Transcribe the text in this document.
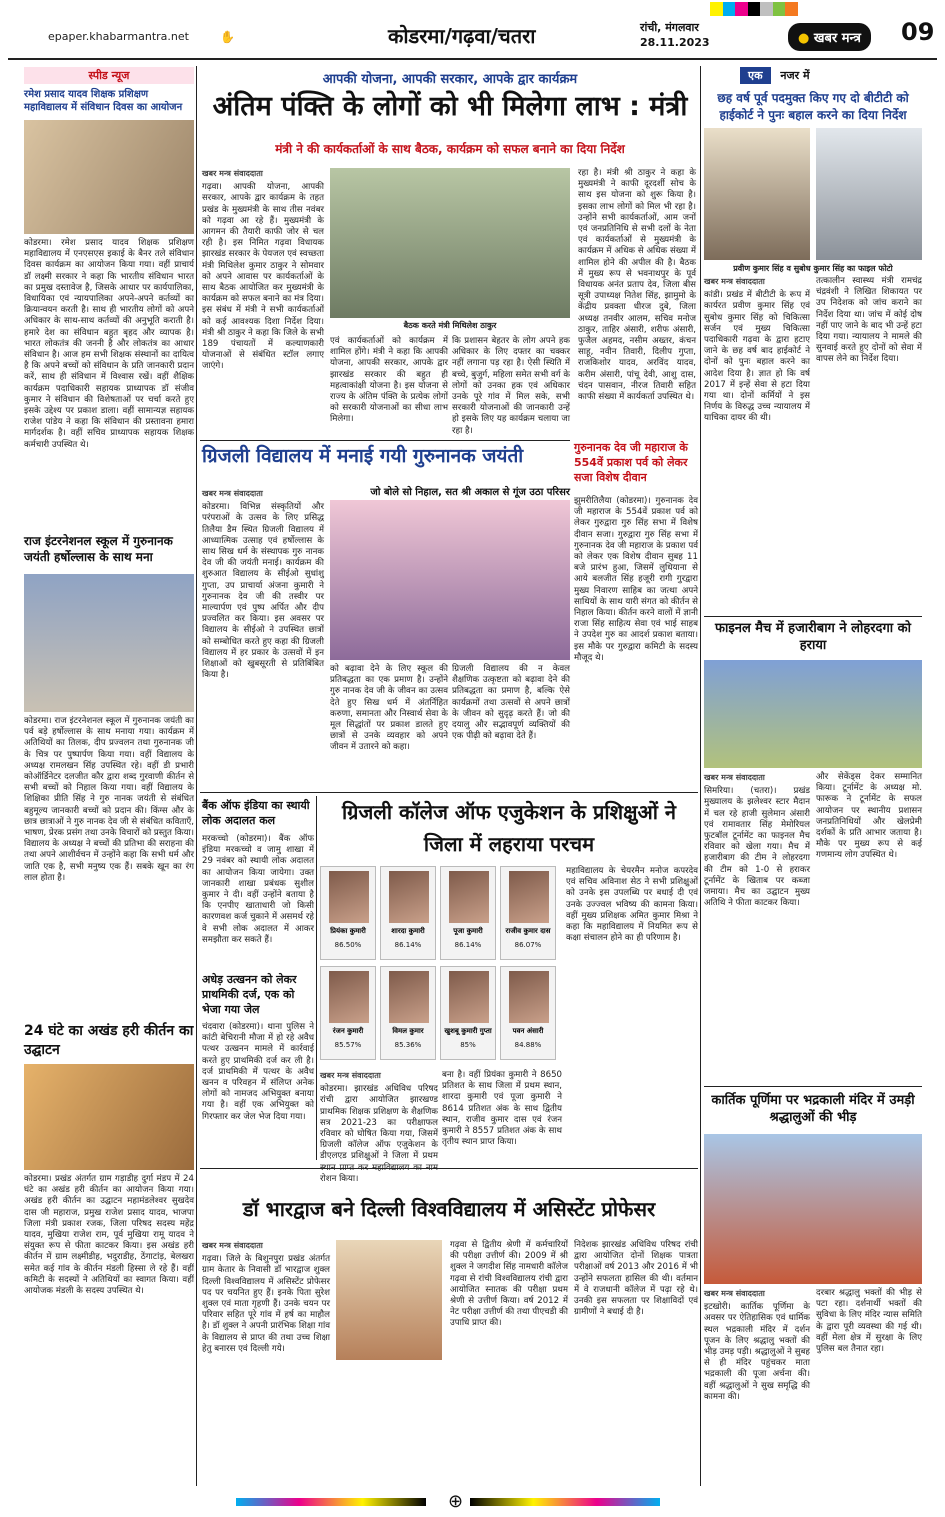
epaper.khabarmantra.net	✋	कोडरमा/गढ़वा/चतरा	रांची, मंगलवार
28.11.2023	● खबर मन्त्र	09
स्पीड न्यूज
रमेश प्रसाद यादव शिक्षक प्रशिक्षण महाविद्यालय में संविधान दिवस का आयोजन
कोडरमा। रमेश प्रसाद यादव शिक्षक प्रशिक्षण महाविद्यालय में एनएसएस इकाई के बैनर तले संविधान दिवस कार्यक्रम का आयोजन किया गया। वहीं प्राचार्य डॉ लक्ष्मी सरकार ने कहा कि भारतीय संविधान भारत का प्रमुख दस्तावेज है, जिसके आधार पर कार्यपालिका, विधायिका एवं न्यायपालिका अपने-अपने कर्तव्यों का क्रियान्वयन करती है। साथ ही भारतीय लोगों को अपने अधिकार के साथ-साथ कर्तव्यों की अनुभूति कराती है। हमारे देश का संविधान बहुत बृहद और व्यापक है। भारत लोकतंत्र की जननी है और लोकतंत्र का आधार संविधान है। आज हम सभी शिक्षक संस्थानों का दायित्व है कि अपने बच्चों को संविधान के प्रति जानकारी प्रदान करें, साथ ही संविधान में विश्वास रखें। वहीं शैक्षिक कार्यक्रम पदाधिकारी सहायक प्राध्यापक डॉ संजीव कुमार ने संविधान की विशेषताओं पर चर्चा करते हुए इसके उद्देश्य पर प्रकाश डाला। वहीं सामान्यज्ञ सहायक राजेश पांडेय ने कहा कि संविधान की प्रस्तावना हमारा मार्गदर्शक है। वहीं सचिव प्राध्यापक सहायक शिक्षक कर्मचारी उपस्थित थे।
राज इंटरनेशनल स्कूल में गुरुनानक जयंती हर्षोल्लास के साथ मना
कोडरमा। राज इंटरनेशनल स्कूल में गुरुनानक जयंती का पर्व बड़े हर्षोल्लास के साथ मनाया गया। कार्यक्रम में अतिथियों का तिलक, दीप प्रज्वलन तथा गुरुनानक जी के चित्र पर पुष्पार्पण किया गया। वहीं विद्यालय के अध्यक्ष रामलखन सिंह उपस्थित रहे। वहीं डी प्रभारी कोऑर्डिनेटर दलजीत कौर द्वारा शब्द गुरवाणी कीर्तन से सभी बच्चों को निहाल किया गया। वहीं विद्यालय के शिक्षिका प्रीति सिंह ने गुरु नानक जयंती से संबंधित बहुमूल्य जानकारी बच्चों को प्रदान की। किंग्स और के छात्र छात्राओं ने गुरु नानक देव जी से संबंधित कविताएँ, भाषण, प्रेरक प्रसंग तथा उनके विचारों को प्रस्तुत किया। विद्यालय के अध्यक्ष ने बच्चों की प्रतिभा की सराहना की तथा अपने आशीर्वचन में उन्होंने कहा कि सभी धर्म और जाति एक है, सभी मनुष्य एक हैं। सबके खून का रंग लाल होता है।
24 घंटे का अखंड हरी कीर्तन का उद्घाटन
कोडरमा। प्रखंड अंतर्गत ग्राम गड़ाडीह दुर्गा मंडप में 24 घंटे का अखंड हरी कीर्तन का आयोजन किया गया। अखंड हरी कीर्तन का उद्घाटन महामंडलेश्वर सुखदेव दास जी महाराज, प्रमुख राजेश प्रसाद यादव, भाजपा जिला मंत्री प्रकाश रजक, जिला परिषद सदस्य महेंद्र यादव, मुखिया राजेश राम, पूर्व मुखिया रामू यादव ने संयुक्त रूप से फीता काटकर किया। इस अखंड हरी कीर्तन में ग्राम लक्ष्मीडीह, भदुराडीह, ठेंगाटांड़, बेलखरा समेत कई गांव के कीर्तन मंडली हिस्सा ले रहे हैं। वहीं कमिटी के सदस्यों ने अतिथियों का स्वागत किया। वहीं आयोजक मंडली के सदस्य उपस्थित थे।
आपकी योजना, आपकी सरकार, आपके द्वार कार्यक्रम
अंतिम पंक्ति के लोगों को भी मिलेगा लाभ : मंत्री
मंत्री ने की कार्यकर्ताओं के साथ बैठक, कार्यक्रम को सफल बनाने का दिया निर्देश
खबर मन्त्र संवाददाता
गढ़वा। आपकी योजना, आपकी सरकार, आपके द्वार कार्यक्रम के तहत प्रखंड के मुख्यमंत्री के साथ तीस नवंबर को गढ़वा आ रहे हैं। मुख्यमंत्री के आगमन की तैयारी काफी जोर से चल रही है। इस निमित गढ़वा विधायक झारखंड सरकार के पेयजल एवं स्वच्छता मंत्री मिथिलेश कुमार ठाकुर ने सोमवार को अपने आवास पर कार्यकर्ताओं के साथ बैठक आयोजित कर मुख्यमंत्री के कार्यक्रम को सफल बनाने का मंत्र दिया। इस संबंध में मंत्री ने सभी कार्यकर्ताओं को कई आवश्यक दिशा निर्देश दिया। मंत्री श्री ठाकुर ने कहा कि जिले के सभी 189 पंचायतों में कल्याणकारी योजनाओं से संबंधित स्टॉल लगाए जाएंगे।
बैठक करते मंत्री मिथिलेश ठाकुर
एवं कार्यकर्ताओं को कार्यक्रम में शामिल होंगे। मंत्री ने कहा कि आपकी योजना, आपकी सरकार, आपके द्वार झारखंड सरकार की बहुत ही महत्वाकांक्षी योजना है। इस योजना से राज्य के अंतिम पंक्ति के प्रत्येक लोगों को सरकारी योजनाओं का सीधा लाभ मिलेगा।
कि प्रशासन बेहतर के लोग अपने हक अधिकार के लिए दफ्तर का चक्कर नहीं लगाना पड़ रहा है। ऐसी स्थिति में बच्चे, बुजुर्ग, महिला समेत सभी वर्ग के लोगों को उनका हक एवं अधिकार उनके पूरे गांव में मिल सके, सभी सरकारी योजनाओं की जानकारी उन्हें हो इसके लिए यह कार्यक्रम चलाया जा रहा है।
रहा है। मंत्री श्री ठाकुर ने कहा के मुख्यमंत्री ने काफी दूरदर्शी सोच के साथ इस योजना को शुरू किया है। इसका लाभ लोगों को मिल भी रहा है। उन्होंने सभी कार्यकर्ताओं, आम जनों एवं जनप्रतिनिधि से सभी दलों के नेता एवं कार्यकर्ताओं से मुख्यमंत्री के कार्यक्रम में अधिक से अधिक संख्या में शामिल होने की अपील की है। बैठक में मुख्य रूप से भवनाथपुर के पूर्व विधायक अनंत प्रताप देव, जिला बीस सूत्री उपाध्यक्ष नितेश सिंह, झामुमो के केंद्रीय प्रवक्ता धीरज दुबे, जिला अध्यक्ष तनवीर आलम, सचिव मनोज ठाकुर, ताहिर अंसारी, शरीफ अंसारी, फुजैल अहमद, नसीम अख्तर, कंचन साहू, नवीन तिवारी, दिलीप गुप्ता, राजकिशोर यादव, अरविंद यादव, करीम अंसारी, पांचू देवी, आशु दास, चंदन पासवान, नीरज तिवारी सहित काफी संख्या में कार्यकर्ता उपस्थित थे।
ग्रिजली विद्यालय में मनाई गयी गुरुनानक जयंती
जो बोले सो निहाल, सत श्री अकाल से गूंज उठा परिसर
खबर मन्त्र संवाददाता
कोडरमा। विभिन्न संस्कृतियों और परंपराओं के उत्सव के लिए प्रसिद्ध तिलैया डैम स्थित ग्रिजली विद्यालय में आध्यात्मिक उत्साह एवं हर्षोल्लास के साथ सिख धर्म के संस्थापक गुरु नानक देव जी की जयंती मनाई। कार्यक्रम की शुरुआत विद्यालय के सीईओ सुधांशु गुप्ता, उप प्राचार्या अंजना कुमारी ने गुरुनानक देव जी की तस्वीर पर माल्यार्पण एवं पुष्प अर्पित और दीप प्रज्वलित कर किया। इस अवसर पर विद्यालय के सीईओ ने उपस्थित छात्रों को सम्बोधित करते हुए कहा की ग्रिजली विद्यालय में हर प्रकार के उत्सवों में इन शिक्षाओं को खुबसूरती से प्रतिबिंबित किया है।
को बढ़ावा देने के लिए स्कूल की प्रतिबद्धता का एक प्रमाण है। उन्होंने गुरु नानक देव जी के जीवन का उत्सव देते हुए सिख धर्म में अंतर्निहित करुणा, समानता और निस्वार्थ सेवा के मूल सिद्धांतों पर प्रकाश डालते हुए छात्रों से उनके व्यवहार को अपने जीवन में उतारने को कहा।
ग्रिजली विद्यालय की न केवल शैक्षणिक उत्कृष्टता को बढ़ावा देने की प्रतिबद्धता का प्रमाण है, बल्कि ऐसे कार्यक्रमों तथा उत्सवों से अपने छात्रों के जीवन को सुदृढ़ करते हैं। जो की दयालु और सद्भावपूर्ण व्यक्तियों की एक पीढ़ी को बढ़ावा देते हैं।
गुरुनानक देव जी महाराज के 554वें प्रकाश पर्व को लेकर सजा विशेष दीवान
झुमरीतिलैया (कोडरमा)। गुरुनानक देव जी महाराज के 554वें प्रकाश पर्व को लेकर गुरुद्वारा गुरु सिंह सभा में विशेष दीवान सजा। गुरुद्वारा गुरु सिंह सभा में गुरुनानक देव जी महाराज के प्रकाश पर्व को लेकर एक विशेष दीवान सुबह 11 बजे प्रारंभ हुआ, जिसमें लुधियाना से आये बलजीत सिंह हजूरी रागी गुरद्वारा मुख्य निवारण साहिब का जत्था अपने साथियों के साथ यारी संगत को कीर्तन से निहाल किया। कीर्तन करने वालों में ज्ञानी राजा सिंह साहित्य सेवा एवं भाई साहब ने उपदेश गुरु का आदर्श प्रकाश बताया। इस मौके पर गुरुद्वारा कमिटी के सदस्य मौजूद थे।
बैंक ऑफ इंडिया का स्थायी लोक अदालत कल
मरकच्चो (कोडरमा)। बैंक ऑफ इंडिया मरकच्चो व जामु शाखा में 29 नवंबर को स्थायी लोक अदालत का आयोजन किया जायेगा। उक्त जानकारी शाखा प्रबंधक सुशील कुमार ने दी। वहीं उन्होंने बताया है कि एनपीए खाताधारी जो किसी कारणवश कर्ज चुकाने में असमर्थ रहे वे सभी लोक अदालत में आकर समझौता कर सकते हैं।
अधेड़ उत्खनन को लेकर प्राथमिकी दर्ज, एक को भेजा गया जेल
चंदवारा (कोडरमा)। थाना पुलिस ने कांटी बेचिरानी मौजा में हो रहे अवैध पत्थर उत्खनन मामले में कार्रवाई करते हुए प्राथमिकी दर्ज कर ली है। दर्ज प्राथमिकी में पत्थर के अवैध खनन व परिवहन में संलिप्त अनेक लोगों को नामजद अभियुक्त बनाया गया है। वहीं एक अभियुक्त को गिरफ्तार कर जेल भेज दिया गया।
ग्रिजली कॉलेज ऑफ एजुकेशन के प्रशिक्षुओं ने जिला में लहराया परचम
प्रियंका कुमारी
86.50%
शारदा कुमारी
86.14%
पूजा कुमारी
86.14%
राजीव कुमार दास
86.07%
रंजन कुमारी
85.57%
विमल कुमार
85.36%
खुशबू कुमारी गुप्ता
85%
पवन अंसारी
84.88%
महाविद्यालय के चेयरमैन मनोज कपरदेव एवं सचिव अविनाश सेठ ने सभी प्रशिक्षुओं को उनके इस उपलब्धि पर बधाई दी एवं उनके उज्ज्वल भविष्य की कामना किया। वहीं मुख्य प्रशिक्षक अमित कुमार मिश्रा ने कहा कि महाविद्यालय में नियमित रूप से कक्षा संचालन होने का ही परिणाम है।
खबर मन्त्र संवाददाता
कोडरमा। झारखंड अधिविध परिषद रांची द्वारा आयोजित झारखण्ड प्राथमिक शिक्षक प्रशिक्षण के शैक्षणिक सत्र 2021-23 का परीक्षाफल रविवार को घोषित किया गया, जिसमें ग्रिजली कॉलेज ऑफ एजुकेशन के डीएलएड प्रशिक्षुओं ने जिला में प्रथम रोशन किया।
बना है। वहीं प्रियंका कुमारी ने 8650 प्रतिशत के साथ जिला में प्रथम स्थान, शारदा कुमारी एवं पूजा कुमारी ने 8614 प्रतिशत अंक के साथ द्वितीय स्थान, राजीव कुमार दास एवं रंजन कुमारी ने 8557 प्रतिशत अंक के साथ तृतीय स्थान प्राप्त किया।
डॉ भारद्वाज बने दिल्ली विश्वविद्यालय में असिस्टेंट प्रोफेसर
खबर मन्त्र संवाददाता
गढ़वा। जिले के बिशुनपुरा प्रखंड अंतर्गत ग्राम केतार के निवासी डॉ भारद्वाज शुक्ल दिल्ली विश्वविद्यालय में असिस्टेंट प्रोफेसर पद पर चयनित हुए हैं। इनके पिता सुरेश शुक्ल एवं माता गृहणी हैं। उनके चयन पर परिवार सहित पूरे गांव में हर्ष का माहौल है। डॉ शुक्ल ने अपनी प्रारंभिक शिक्षा गांव के विद्यालय से प्राप्त की तथा उच्च शिक्षा हेतु बनारस एवं दिल्ली गये।
गढ़वा से द्वितीय श्रेणी में कर्मचारियों की परीक्षा उत्तीर्ण की। 2009 में श्री शुक्ल ने जगदीश सिंह नामधारी कॉलेज गढ़वा से रांची विश्वविद्यालय रांची द्वारा आयोजित स्नातक की परीक्षा प्रथम श्रेणी से उत्तीर्ण किया। वर्ष 2012 में नेट परीक्षा उत्तीर्ण की तथा पीएचडी की उपाधि प्राप्त की।
निदेशक झारखंड अधिविध परिषद रांची द्वारा आयोजित दोनों शिक्षक पात्रता परीक्षाओं वर्ष 2013 और 2016 में भी उन्होंने सफलता हासिल की थी। वर्तमान में वे राजधानी कॉलेज में पढ़ा रहे थे। उनकी इस सफलता पर शिक्षाविदों एवं ग्रामीणों ने बधाई दी है।
एक नजर में
छह वर्ष पूर्व पदमुक्त किए गए दो बीटीटी को हाईकोर्ट ने पुनः बहाल करने का दिया निर्देश
प्रवीण कुमार सिंह व सुबोध कुमार सिंह का फाइल फोटो
खबर मन्त्र संवाददाता
कांडी। प्रखंड में बीटीटी के रूप में कार्यरत प्रवीण कुमार सिंह एवं सुबोध कुमार सिंह को चिकित्सा सर्जन एवं मुख्य चिकित्सा पदाधिकारी गढ़वा के द्वारा हटाए जाने के छह वर्ष बाद हाईकोर्ट ने दोनों को पुनः बहाल करने का आदेश दिया है। ज्ञात हो कि वर्ष 2017 में इन्हें सेवा से हटा दिया गया था। दोनों कर्मियों ने इस निर्णय के विरुद्ध उच्च न्यायालय में याचिका दायर की थी।
तत्कालीन स्वास्थ्य मंत्री रामचंद्र चंद्रवंशी ने लिखित शिकायत पर उप निदेशक को जांच कराने का निर्देश दिया था। जांच में कोई दोष नहीं पाए जाने के बाद भी उन्हें हटा दिया गया। न्यायालय ने मामले की सुनवाई करते हुए दोनों को सेवा में वापस लेने का निर्देश दिया।
फाइनल मैच में हजारीबाग ने लोहरदगा को हराया
खबर मन्त्र संवाददाता
सिमरिया। (चतरा)। प्रखंड मुख्यालय के झलेश्वर स्टार मैदान में चल रहे हाजी सुलेमान अंसारी एवं रामावतार सिंह मेमोरियल फुटबॉल टूर्नामेंट का फाइनल मैच रविवार को खेला गया। मैच में हजारीबाग की टीम ने लोहरदगा की टीम को 1-0 से हराकर टूर्नामेंट के खिताब पर कब्जा जमाया। मैच का उद्घाटन मुख्य अतिथि ने फीता काटकर किया।
और सेकेंड्स देकर सम्मानित किया। टूर्नामेंट के अध्यक्ष मो. फारूक ने टूर्नामेंट के सफल आयोजन पर स्थानीय प्रशासन जनप्रतिनिधियों और खेलप्रेमी दर्शकों के प्रति आभार जताया है। मौके पर मुख्य रूप से कई गणमान्य लोग उपस्थित थे।
कार्तिक पूर्णिमा पर भद्रकाली मंदिर में उमड़ी श्रद्धालुओं की भीड़
खबर मन्त्र संवाददाता
इटखोरी। कार्तिक पूर्णिमा के अवसर पर ऐतिहासिक एवं धार्मिक स्थल भद्रकाली मंदिर में दर्शन पूजन के लिए श्रद्धालु भक्तों की भीड़ उमड़ पड़ी। श्रद्धालुओं ने सुबह से ही मंदिर पहुंचकर माता भद्रकाली की पूजा अर्चना की। वहीं श्रद्धालुओं ने सुख समृद्धि की कामना की।
दरबार श्रद्धालु भक्तों की भीड़ से पटा रहा। दर्शनार्थी भक्तों की सुविधा के लिए मंदिर न्यास समिति के द्वारा पूरी व्यवस्था की गई थी। वहीं मेला क्षेत्र में सुरक्षा के लिए पुलिस बल तैनात रहा।
⊕
